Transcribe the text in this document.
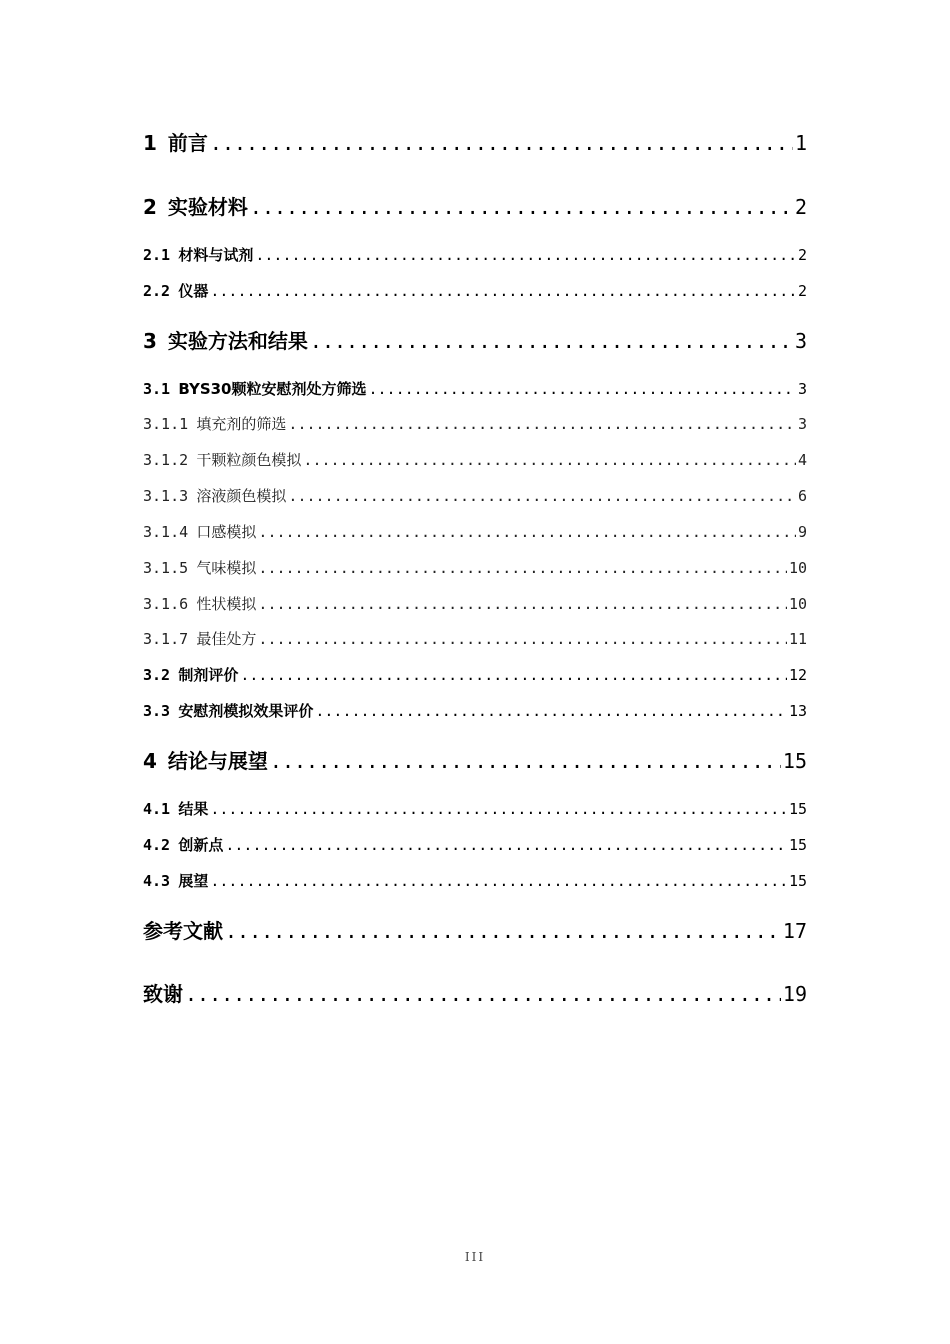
1 前言 .....	1
2 实验材料 .....	2
2.1 材料与试剂 .....	2
2.2 仪器 .....	2
3 实验方法和结果 .....	3
3.1 BYS30颗粒安慰剂处方筛选 .....	3
3.1.1 填充剂的筛选 .....	3
3.1.2 干颗粒颜色模拟 .....	4
3.1.3 溶液颜色模拟 .....	6
3.1.4 口感模拟 .....	9
3.1.5 气味模拟 .....	10
3.1.6 性状模拟 .....	10
3.1.7 最佳处方 .....	11
3.2 制剂评价 .....	12
3.3 安慰剂模拟效果评价 .....	13
4 结论与展望 .....	15
4.1 结果 .....	15
4.2 创新点 .....	15
4.3 展望 .....	15
参考文献 .....	17
致谢 .....	19
III
